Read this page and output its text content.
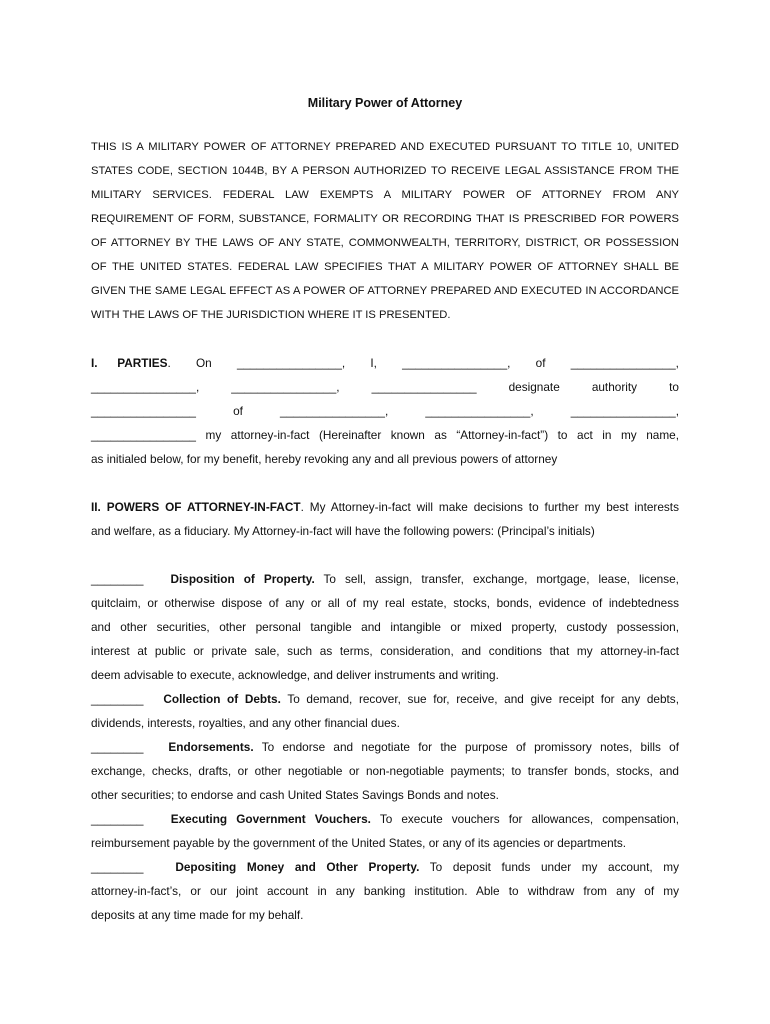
Military Power of Attorney
THIS IS A MILITARY POWER OF ATTORNEY PREPARED AND EXECUTED PURSUANT TO TITLE 10, UNITED
STATES CODE, SECTION 1044B, BY A PERSON AUTHORIZED TO RECEIVE LEGAL ASSISTANCE FROM THE
MILITARY SERVICES. FEDERAL LAW EXEMPTS A MILITARY POWER OF ATTORNEY FROM ANY
REQUIREMENT OF FORM, SUBSTANCE, FORMALITY OR RECORDING THAT IS PRESCRIBED FOR POWERS
OF ATTORNEY BY THE LAWS OF ANY STATE, COMMONWEALTH, TERRITORY, DISTRICT, OR POSSESSION
OF THE UNITED STATES. FEDERAL LAW SPECIFIES THAT A MILITARY POWER OF ATTORNEY SHALL BE
GIVEN THE SAME LEGAL EFFECT AS A POWER OF ATTORNEY PREPARED AND EXECUTED IN ACCORDANCE
WITH THE LAWS OF THE JURISDICTION WHERE IT IS PRESENTED.
I. PARTIES. On ________________, I, ________________, of ________________,
________________,	________________,	________________	designate	authority	to
________________	of	________________,	________________,	________________,
________________ my attorney-in-fact (Hereinafter known as “Attorney-in-fact”) to act in my name,
as initialed below, for my benefit, hereby revoking any and all previous powers of attorney
II. POWERS OF ATTORNEY-IN-FACT. My Attorney-in-fact will make decisions to further my best interests
and welfare, as a fiduciary. My Attorney-in-fact will have the following powers: (Principal’s initials)
________ Disposition of Property. To sell, assign, transfer, exchange, mortgage, lease, license,
quitclaim, or otherwise dispose of any or all of my real estate, stocks, bonds, evidence of indebtedness
and other securities, other personal tangible and intangible or mixed property, custody possession,
interest at public or private sale, such as terms, consideration, and conditions that my attorney-in-fact
deem advisable to execute, acknowledge, and deliver instruments and writing.
________ Collection of Debts. To demand, recover, sue for, receive, and give receipt for any debts,
dividends, interests, royalties, and any other financial dues.
________ Endorsements. To endorse and negotiate for the purpose of promissory notes, bills of
exchange, checks, drafts, or other negotiable or non-negotiable payments; to transfer bonds, stocks, and
other securities; to endorse and cash United States Savings Bonds and notes.
________ Executing Government Vouchers. To execute vouchers for allowances, compensation,
reimbursement payable by the government of the United States, or any of its agencies or departments.
________	Depositing Money and Other Property. To deposit funds under my account, my
attorney-in-fact’s, or our joint account in any banking institution. Able to withdraw from any of my
deposits at any time made for my behalf.
